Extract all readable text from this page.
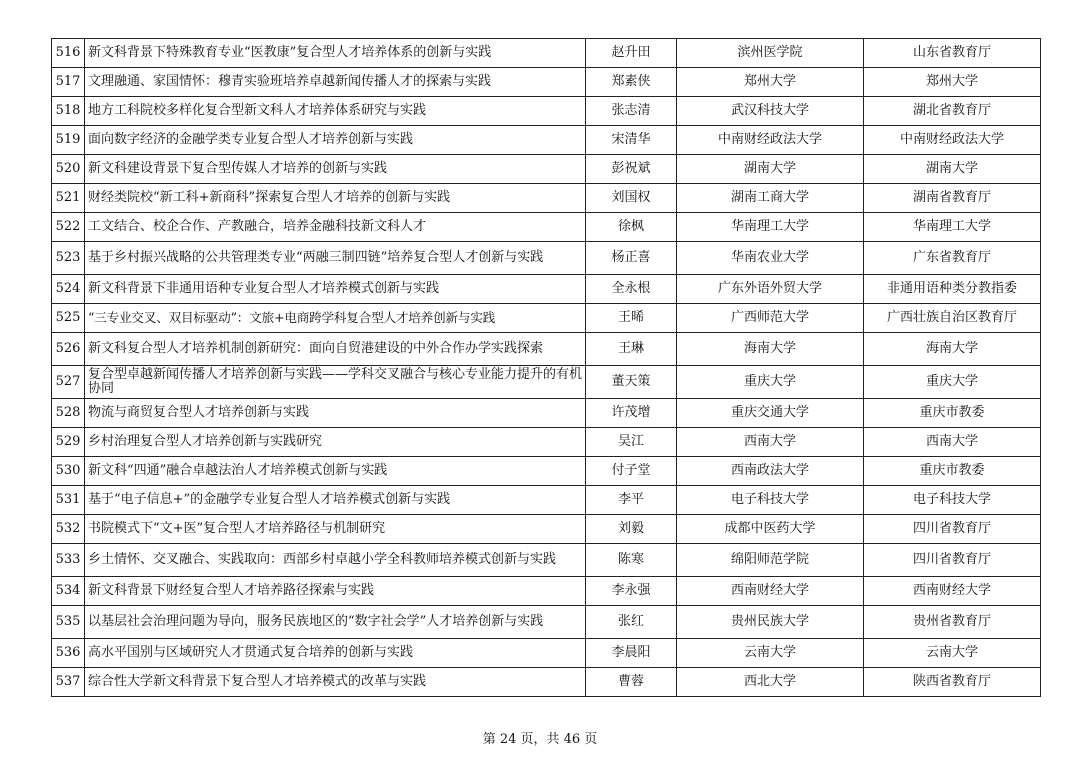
516	新文科背景下特殊教育专业“医教康”复合型人才培养体系的创新与实践	赵升田	滨州医学院	山东省教育厅
517	文理融通、家国情怀：穆青实验班培养卓越新闻传播人才的探索与实践	郑素侠	郑州大学	郑州大学
518	地方工科院校多样化复合型新文科人才培养体系研究与实践	张志清	武汉科技大学	湖北省教育厅
519	面向数字经济的金融学类专业复合型人才培养创新与实践	宋清华	中南财经政法大学	中南财经政法大学
520	新文科建设背景下复合型传媒人才培养的创新与实践	彭祝斌	湖南大学	湖南大学
521	财经类院校“新工科+新商科”探索复合型人才培养的创新与实践	刘国权	湖南工商大学	湖南省教育厅
522	工文结合、校企合作、产教融合，培养金融科技新文科人才	徐枫	华南理工大学	华南理工大学
523	基于乡村振兴战略的公共管理类专业“两融三制四链”培养复合型人才创新与实践	杨正喜	华南农业大学	广东省教育厅
524	新文科背景下非通用语种专业复合型人才培养模式创新与实践	全永根	广东外语外贸大学	非通用语种类分教指委
525	“三专业交叉、双目标驱动”：文旅+电商跨学科复合型人才培养创新与实践	王晞	广西师范大学	广西壮族自治区教育厅
526	新文科复合型人才培养机制创新研究：面向自贸港建设的中外合作办学实践探索	王琳	海南大学	海南大学
527	复合型卓越新闻传播人才培养创新与实践——学科交叉融合与核心专业能力提升的有机协同	董天策	重庆大学	重庆大学
528	物流与商贸复合型人才培养创新与实践	许茂增	重庆交通大学	重庆市教委
529	乡村治理复合型人才培养创新与实践研究	吴江	西南大学	西南大学
530	新文科“四通”融合卓越法治人才培养模式创新与实践	付子堂	西南政法大学	重庆市教委
531	基于“电子信息+”的金融学专业复合型人才培养模式创新与实践	李平	电子科技大学	电子科技大学
532	书院模式下“文+医”复合型人才培养路径与机制研究	刘毅	成都中医药大学	四川省教育厅
533	乡土情怀、交叉融合、实践取向：西部乡村卓越小学全科教师培养模式创新与实践	陈寒	绵阳师范学院	四川省教育厅
534	新文科背景下财经复合型人才培养路径探索与实践	李永强	西南财经大学	西南财经大学
535	以基层社会治理问题为导向，服务民族地区的“数字社会学”人才培养创新与实践	张红	贵州民族大学	贵州省教育厅
536	高水平国别与区域研究人才贯通式复合培养的创新与实践	李晨阳	云南大学	云南大学
537	综合性大学新文科背景下复合型人才培养模式的改革与实践	曹蓉	西北大学	陕西省教育厅
第 24 页，共 46 页
